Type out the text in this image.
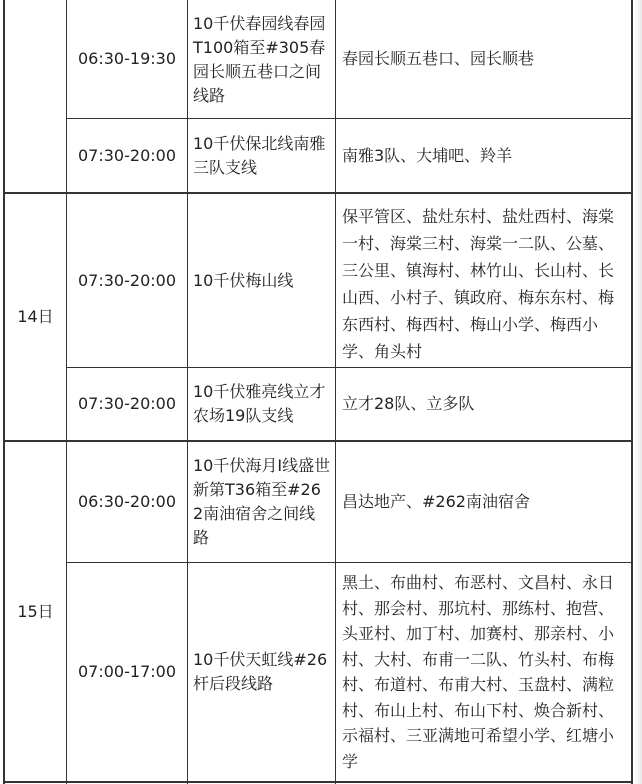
06:30-19:30
10千伏春园线春园T100箱至#305春园长顺五巷口之间线路
春园长顺五巷口、园长顺巷
07:30-20:00
10千伏保北线南雅三队支线
南雅3队、大埔吧、羚羊
14日
07:30-20:00	10千伏梅山线
保平管区、盐灶东村、盐灶西村、海棠一村、海棠三村、海棠一二队、公墓、三公里、镇海村、林竹山、长山村、长山西、小村子、镇政府、梅东东村、梅东西村、梅西村、梅山小学、梅西小学、角头村
07:30-20:00
10千伏雅亮线立才农场19队支线
立才28队、立多队
15日
06:30-20:00
10千伏海月Ⅰ线盛世新第T36箱至#262南油宿舍之间线路
昌达地产、#262南油宿舍
07:00-17:00
10千伏天虹线#26杆后段线路
黑土、布曲村、布恶村、文昌村、永日村、那会村、那坑村、那练村、抱营、头亚村、加丁村、加赛村、那亲村、小村、大村、布甫一二队、竹头村、布梅村、布道村、布甫大村、玉盘村、满粒村、布山上村、布山下村、焕合新村、示福村、三亚满地可希望小学、红塘小学
